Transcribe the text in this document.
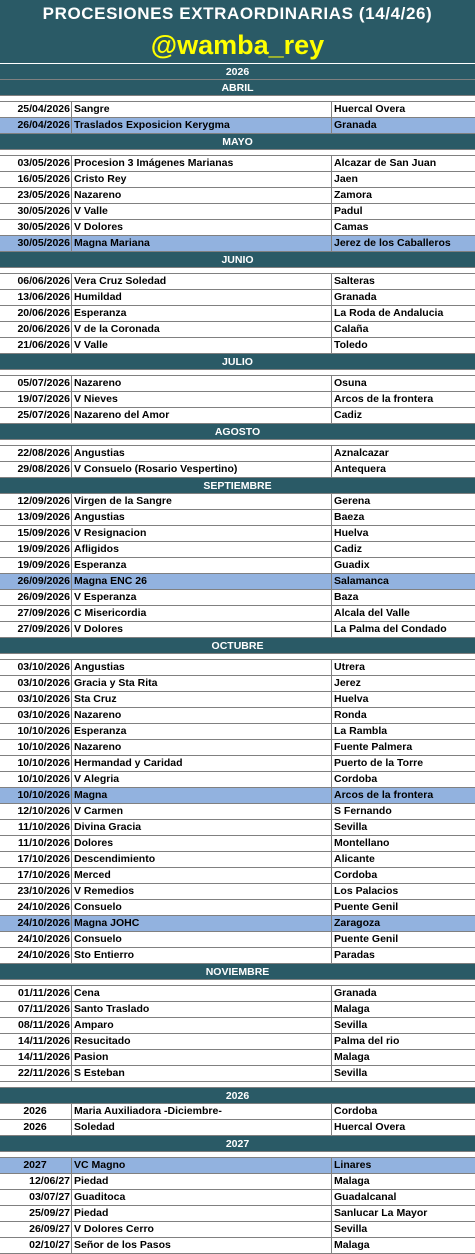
PROCESIONES EXTRAORDINARIAS (14/4/26)
@wamba_rey
2026
ABRIL
25/04/2026 Sangre	Huercal Overa
26/04/2026 Traslados Exposicion Kerygma	Granada
MAYO
03/05/2026 Procesion 3 Imágenes Marianas	Alcazar de San Juan
16/05/2026 Cristo Rey	Jaen
23/05/2026 Nazareno	Zamora
30/05/2026 V Valle	Padul
30/05/2026 V Dolores	Camas
30/05/2026 Magna Mariana	Jerez de los Caballeros
JUNIO
06/06/2026 Vera Cruz Soledad	Salteras
13/06/2026 Humildad	Granada
20/06/2026 Esperanza	La Roda de Andalucia
20/06/2026 V de la Coronada	Calaña
21/06/2026 V Valle	Toledo
JULIO
05/07/2026 Nazareno	Osuna
19/07/2026 V Nieves	Arcos de la frontera
25/07/2026 Nazareno del Amor	Cadiz
AGOSTO
22/08/2026 Angustias	Aznalcazar
29/08/2026 V Consuelo (Rosario Vespertino)	Antequera
SEPTIEMBRE
12/09/2026 Virgen de la Sangre	Gerena
13/09/2026 Angustias	Baeza
15/09/2026 V Resignacion	Huelva
19/09/2026 Afligidos	Cadiz
19/09/2026 Esperanza	Guadix
26/09/2026 Magna ENC 26	Salamanca
26/09/2026 V Esperanza	Baza
27/09/2026 C Misericordia	Alcala del Valle
27/09/2026 V Dolores	La Palma del Condado
OCTUBRE
03/10/2026 Angustias	Utrera
03/10/2026 Gracia y Sta Rita	Jerez
03/10/2026 Sta Cruz	Huelva
03/10/2026 Nazareno	Ronda
10/10/2026 Esperanza	La Rambla
10/10/2026 Nazareno	Fuente Palmera
10/10/2026 Hermandad y Caridad	Puerto de la Torre
10/10/2026 V Alegria	Cordoba
10/10/2026 Magna	Arcos de la frontera
12/10/2026 V Carmen	S Fernando
11/10/2026 Divina Gracia	Sevilla
11/10/2026 Dolores	Montellano
17/10/2026 Descendimiento	Alicante
17/10/2026 Merced	Cordoba
23/10/2026 V Remedios	Los Palacios
24/10/2026 Consuelo	Puente Genil
24/10/2026 Magna JOHC	Zaragoza
24/10/2026 Consuelo	Puente Genil
24/10/2026 Sto Entierro	Paradas
NOVIEMBRE
01/11/2026 Cena	Granada
07/11/2026 Santo Traslado	Malaga
08/11/2026 Amparo	Sevilla
14/11/2026 Resucitado	Palma del rio
14/11/2026 Pasion	Malaga
22/11/2026 S Esteban	Sevilla
2026
2026	Maria Auxiliadora -Diciembre-	Cordoba
2026	Soledad	Huercal Overa
2027
2027	VC Magno	Linares
12/06/27 Piedad	Malaga
03/07/27 Guaditoca	Guadalcanal
25/09/27 Piedad	Sanlucar La Mayor
26/09/27 V Dolores Cerro	Sevilla
02/10/27 Señor de los Pasos	Malaga
